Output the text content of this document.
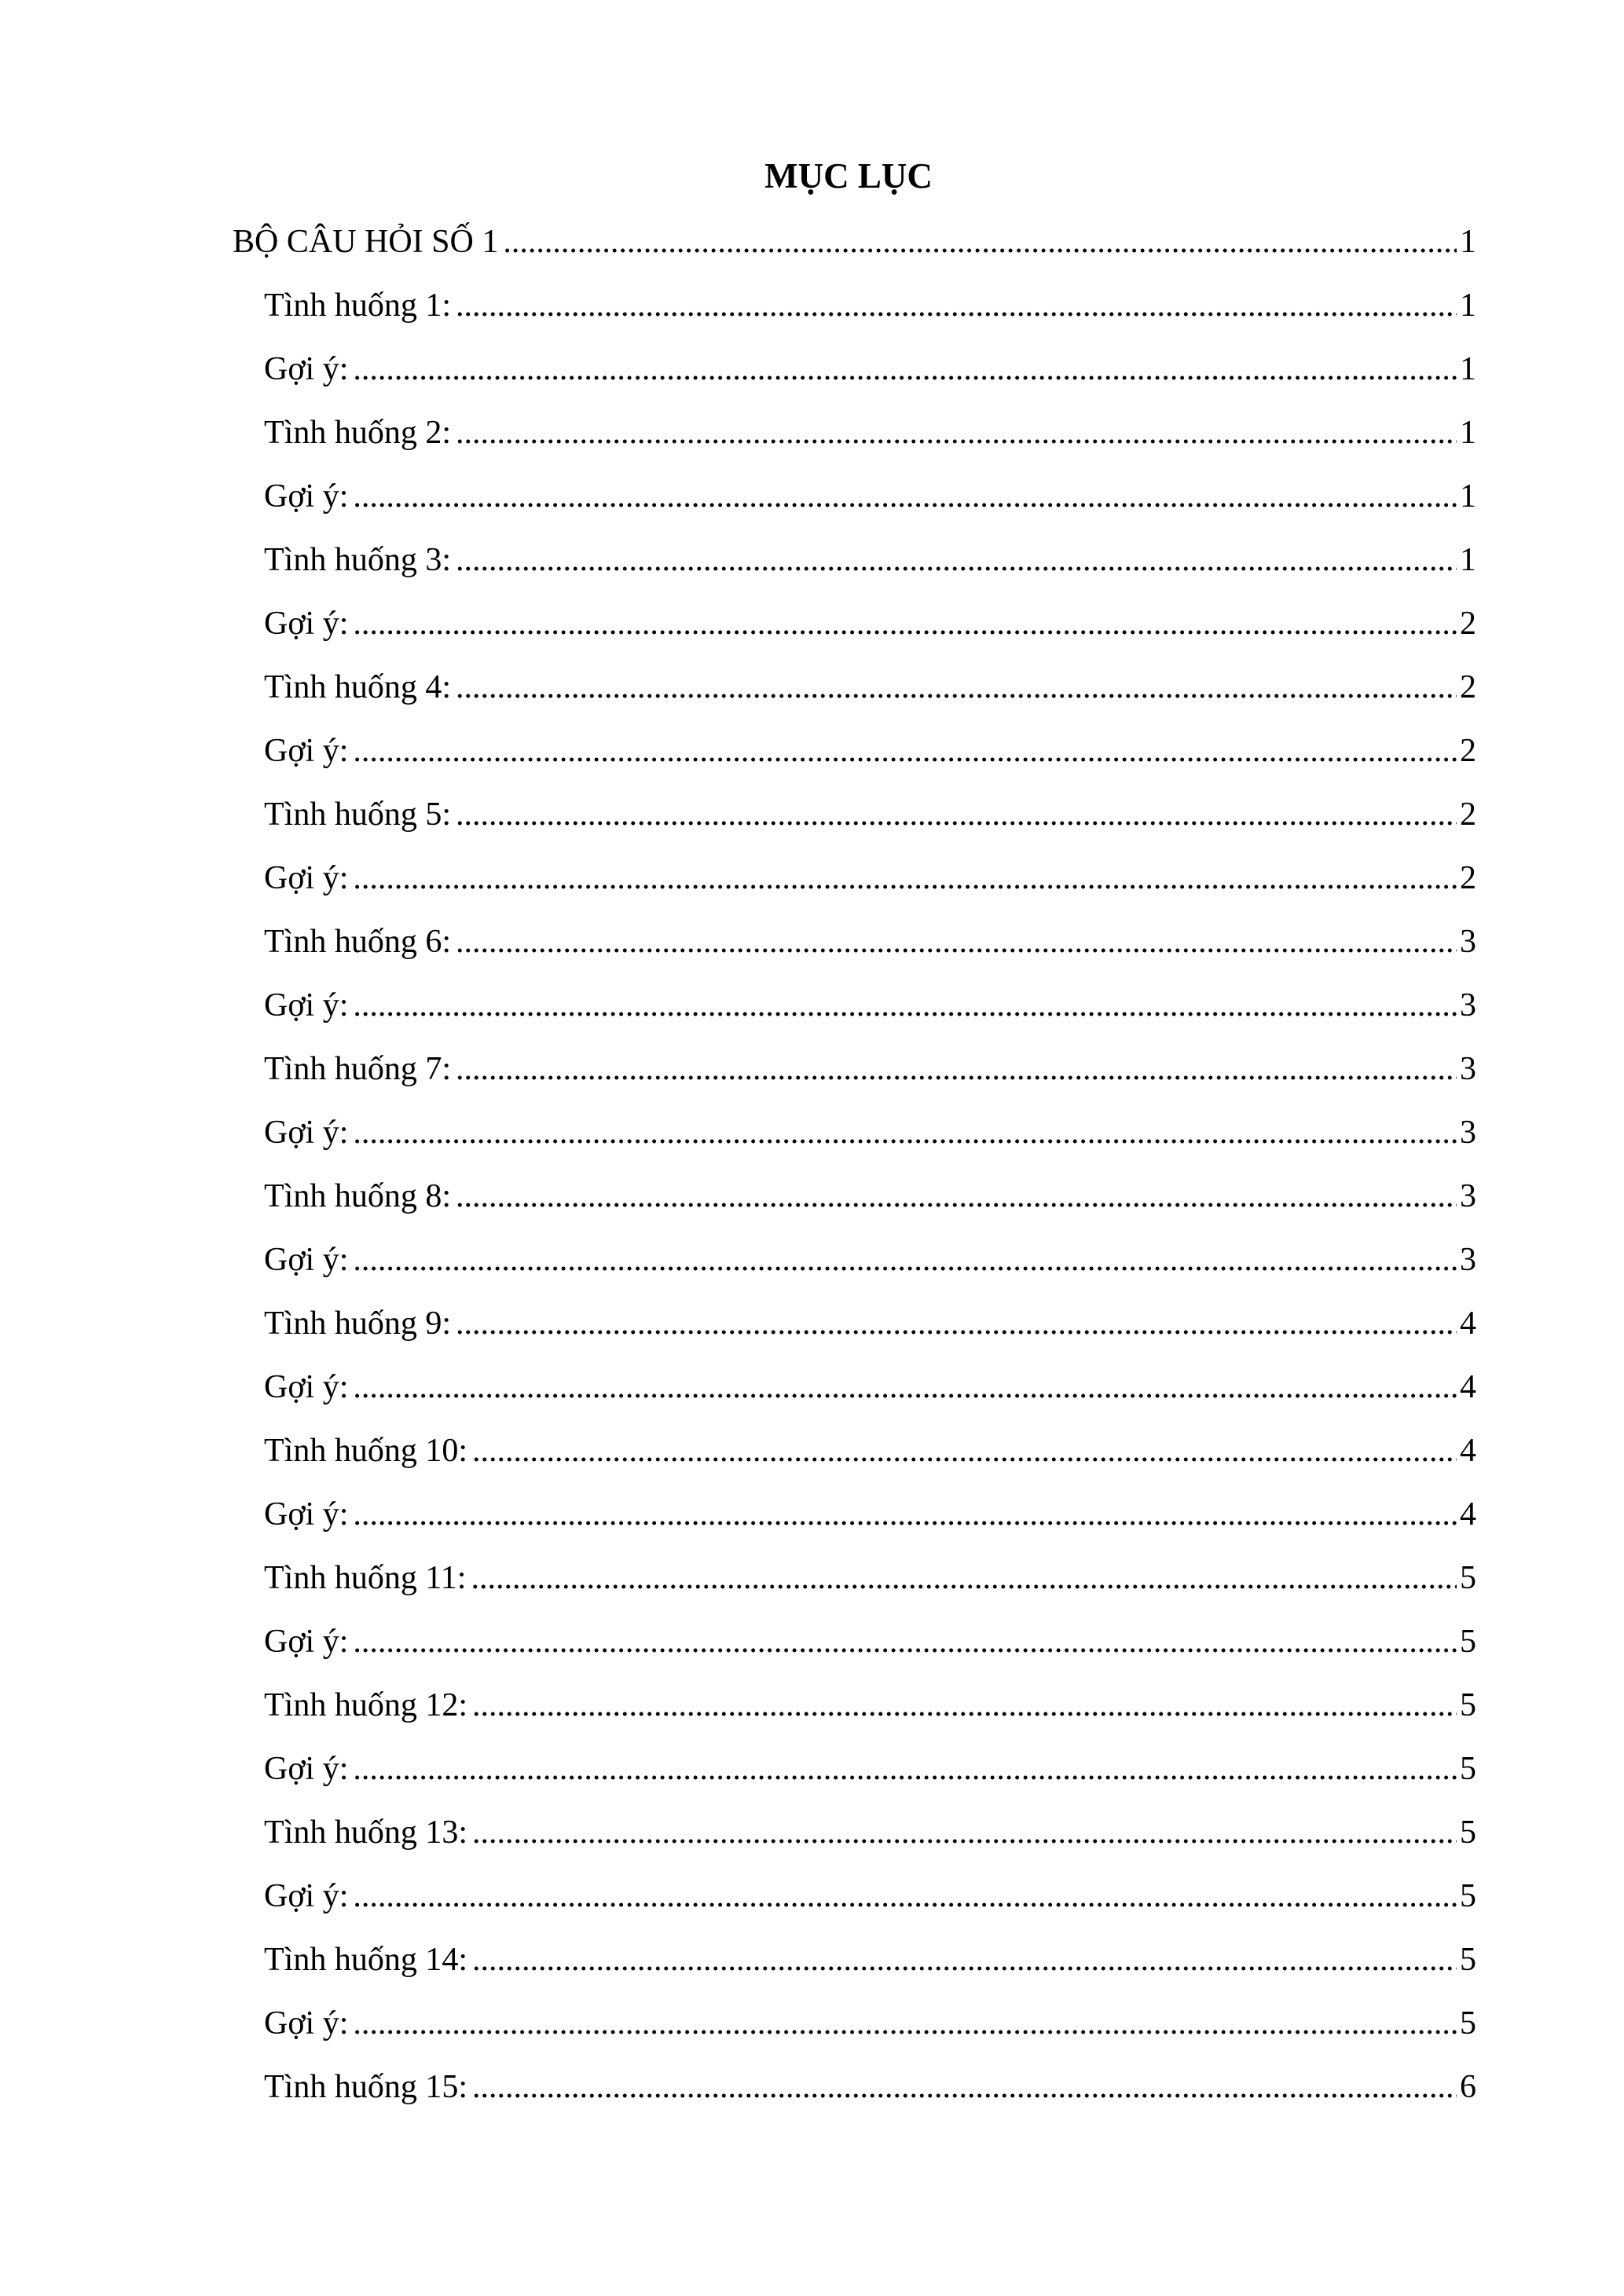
MỤC LỤC
BỘ CÂU HỎI SỐ 1 .....	1
Tình huống 1: .....	1
Gợi ý: .....	1
Tình huống 2: .....	1
Gợi ý: .....	1
Tình huống 3: .....	1
Gợi ý: .....	2
Tình huống 4: .....	2
Gợi ý: .....	2
Tình huống 5: .....	2
Gợi ý: .....	2
Tình huống 6: .....	3
Gợi ý: .....	3
Tình huống 7: .....	3
Gợi ý: .....	3
Tình huống 8: .....	3
Gợi ý: .....	3
Tình huống 9: .....	4
Gợi ý: .....	4
Tình huống 10: .....	4
Gợi ý: .....	4
Tình huống 11: .....	5
Gợi ý: .....	5
Tình huống 12: .....	5
Gợi ý: .....	5
Tình huống 13: .....	5
Gợi ý: .....	5
Tình huống 14: .....	5
Gợi ý: .....	5
Tình huống 15: .....	6
